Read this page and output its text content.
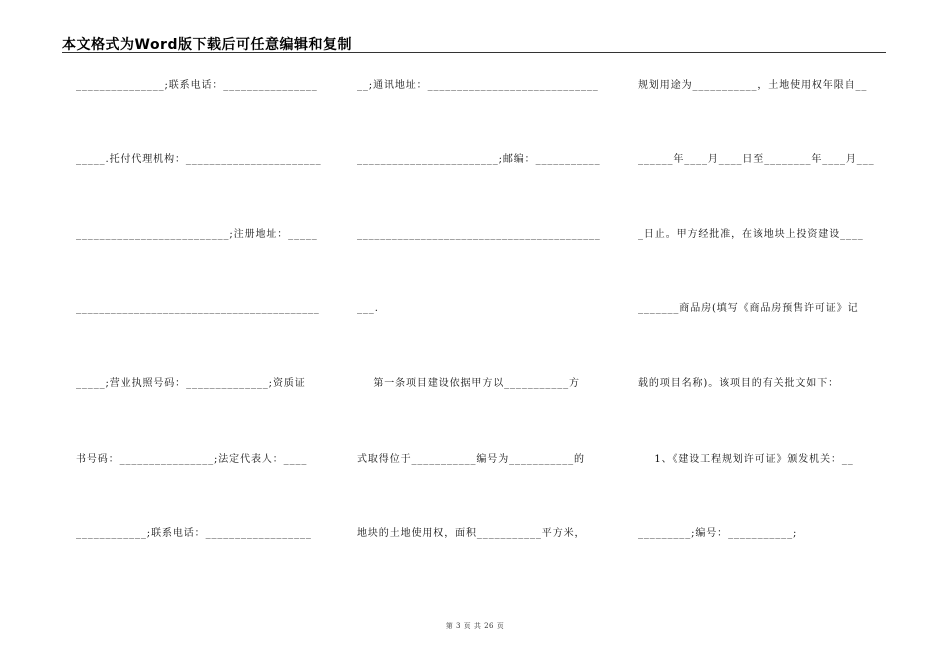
本文格式为Word版下载后可任意编辑和复制
_______________;联系电话：________________
_____.托付代理机构：_______________________
__________________________;注册地址：_____
__________________________________________
_____;营业执照号码：______________;资质证
书号码：________________;法定代表人：____
____________;联系电话：__________________
__;通讯地址：_____________________________
________________________;邮编：___________
__________________________________________
___.
第一条项目建设依据甲方以___________方
式取得位于___________编号为___________的
地块的土地使用权，面积___________平方米，
规划用途为___________，土地使用权年限自__
______年____月____日至________年____月___
_日止。甲方经批准，在该地块上投资建设____
_______商品房(填写《商品房预售许可证》记
载的项目名称)。该项目的有关批文如下：
1、《建设工程规划许可证》颁发机关：__
_________;编号：___________;
第 3 页 共 26 页
